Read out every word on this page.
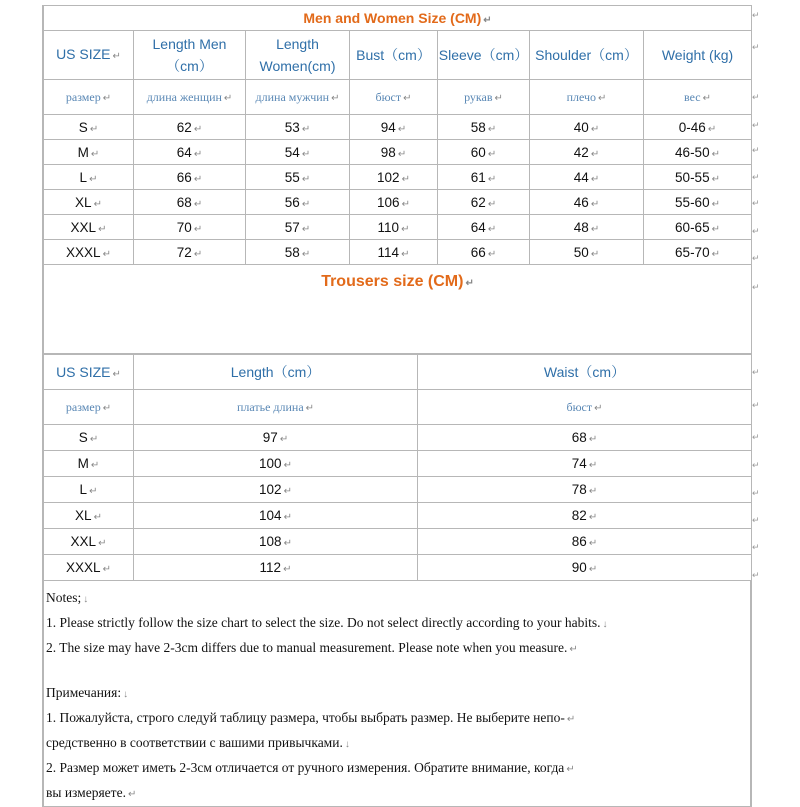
Men and Women Size (CM) ↵						
US SIZE ↵	Length Men（cm）	Length Women(cm)	Bust（cm）	Sleeve（cm）	Shoulder（cm）	Weight (kg)
размер ↵	длина женщин ↵	длина мужчин ↵	бюст ↵	рукав ↵	плечо ↵	вес ↵
S ↵	62 ↵	53 ↵	94 ↵	58 ↵	40 ↵	0-46 ↵
M ↵	64 ↵	54 ↵	98 ↵	60 ↵	42 ↵	46-50 ↵
L ↵	66 ↵	55 ↵	102 ↵	61 ↵	44 ↵	50-55 ↵
XL ↵	68 ↵	56 ↵	106 ↵	62 ↵	46 ↵	55-60 ↵
XXL ↵	70 ↵	57 ↵	110 ↵	64 ↵	48 ↵	60-65 ↵
XXXL ↵	72 ↵	58 ↵	114 ↵	66 ↵	50 ↵	65-70 ↵
Trousers size (CM) ↵						
US SIZE ↵	Length（cm）	Waist（cm）
размер ↵	платье длина ↵	бюст ↵
S ↵	97 ↵	68 ↵
M ↵	100 ↵	74 ↵
L ↵	102 ↵	78 ↵
XL ↵	104 ↵	82 ↵
XXL ↵	108 ↵	86 ↵
XXXL ↵	112 ↵	90 ↵

Notes; ↓

1. Please strictly follow the size chart to select the size. Do not select directly according to your habits. ↓

2. The size may have 2-3cm differs due to manual measurement. Please note when you measure. ↵

Примечания: ↓

1. Пожалуйста, строго следуй таблицу размера, чтобы выбрать размер. Не выберите непо- ↵

средственно в соответствии с вашими привычками. ↓

2. Размер может иметь 2-3см отличается от ручного измерения. Обратите внимание, когда ↵

вы измеряете. ↵

↵
↵
↵
↵
↵
↵
↵
↵
↵
↵
↵
↵
↵
↵
↵
↵
↵
↵
